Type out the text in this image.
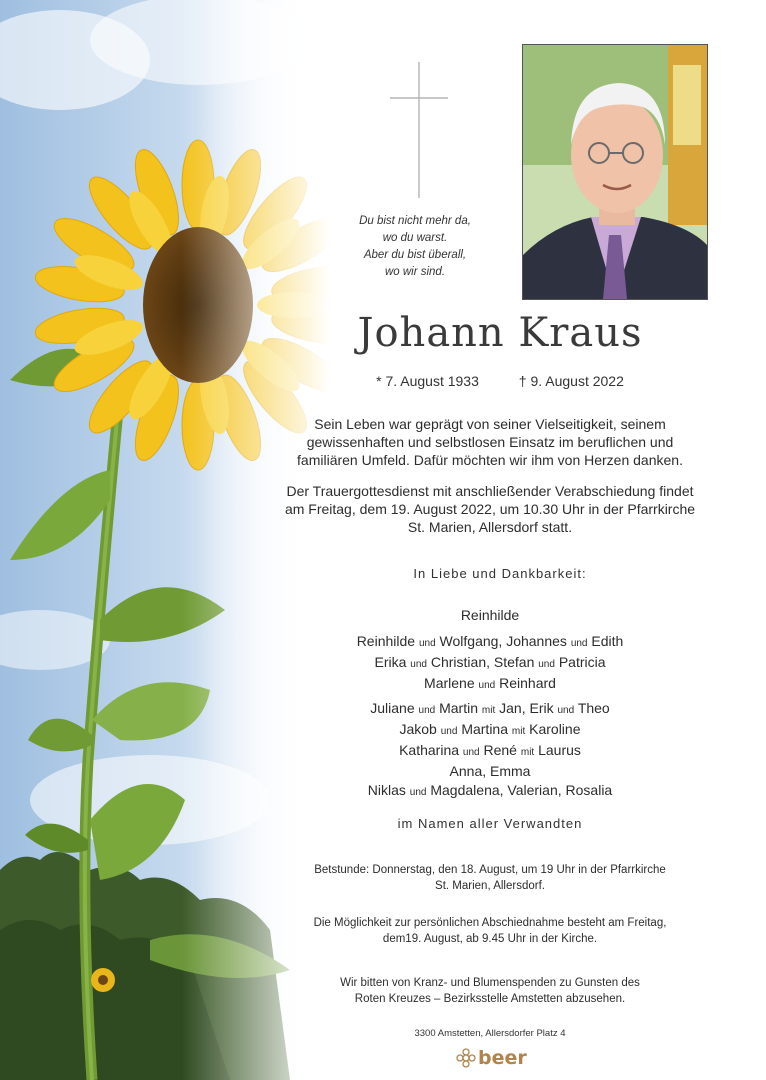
Du bist nicht mehr da,
wo du warst.
Aber du bist überall,
wo wir sind.
Johann Kraus
* 7. August 1933	† 9. August 2022
Sein Leben war geprägt von seiner Vielseitigkeit, seinem
gewissenhaften und selbstlosen Einsatz im beruflichen und
familiären Umfeld. Dafür möchten wir ihm von Herzen danken.
Der Trauergottesdienst mit anschließender Verabschiedung findet
am Freitag, dem 19. August 2022, um 10.30 Uhr in der Pfarrkirche
St. Marien, Allersdorf statt.
In Liebe und Dankbarkeit:
Reinhilde
Reinhilde und Wolfgang, Johannes und Edith
Erika und Christian, Stefan und Patricia
Marlene und Reinhard
Juliane und Martin mit Jan, Erik und Theo
Jakob und Martina mit Karoline
Katharina und René mit Laurus
Anna, Emma
Niklas und Magdalena, Valerian, Rosalia
im Namen aller Verwandten
Betstunde: Donnerstag, den 18. August, um 19 Uhr in der Pfarrkirche
St. Marien, Allersdorf.
Die Möglichkeit zur persönlichen Abschiednahme besteht am Freitag,
dem19. August, ab 9.45 Uhr in der Kirche.
Wir bitten von Kranz- und Blumenspenden zu Gunsten des
Roten Kreuzes – Bezirksstelle Amstetten abzusehen.
3300 Amstetten, Allersdorfer Platz 4
beer
